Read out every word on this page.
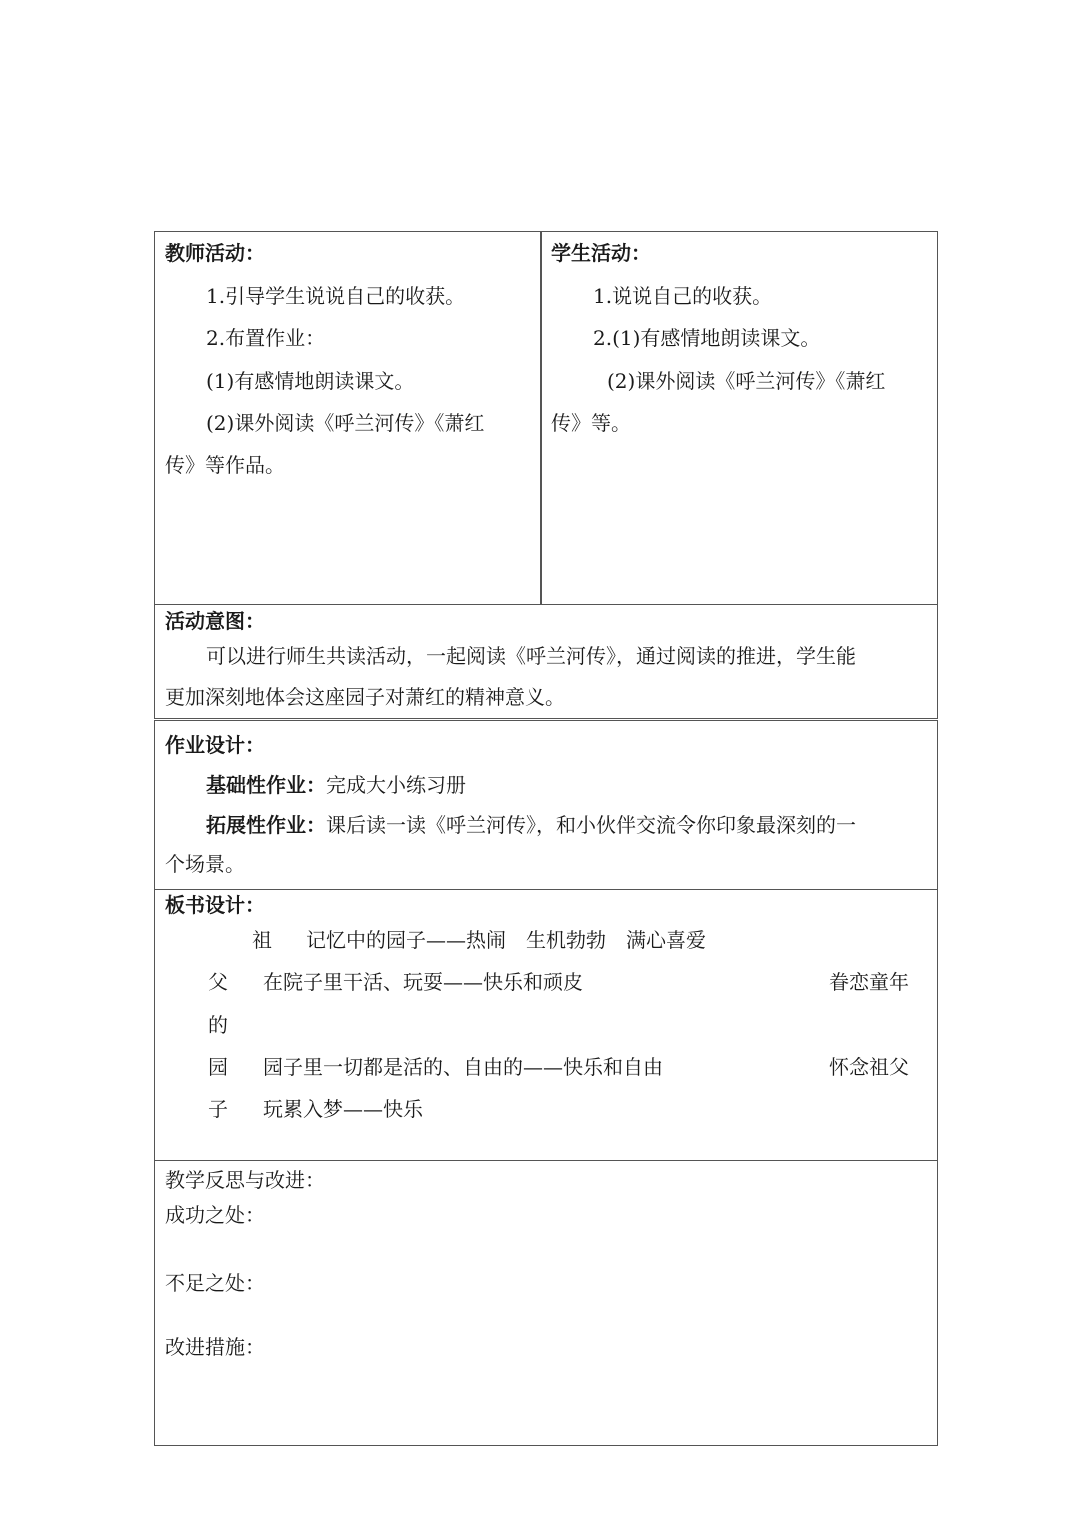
教师活动：
1.引导学生说说自己的收获。
2.布置作业：
(1)有感情地朗读课文。
(2)课外阅读《呼兰河传》《萧红
传》等作品。
学生活动：
1.说说自己的收获。
2.(1)有感情地朗读课文。
(2)课外阅读《呼兰河传》《萧红
传》等。
活动意图：
可以进行师生共读活动，一起阅读《呼兰河传》，通过阅读的推进，学生能
更加深刻地体会这座园子对萧红的精神意义。
作业设计：
基础性作业：完成大小练习册
拓展性作业：课后读一读《呼兰河传》，和小伙伴交流令你印象最深刻的一
个场景。
板书设计：
祖 记忆中的园子——热闹　生机勃勃　满心喜爱
父 在院子里干活、玩耍——快乐和顽皮	眷恋童年
的
园 园子里一切都是活的、自由的——快乐和自由	怀念祖父
子 玩累入梦——快乐
教学反思与改进：
成功之处：
不足之处：
改进措施：
